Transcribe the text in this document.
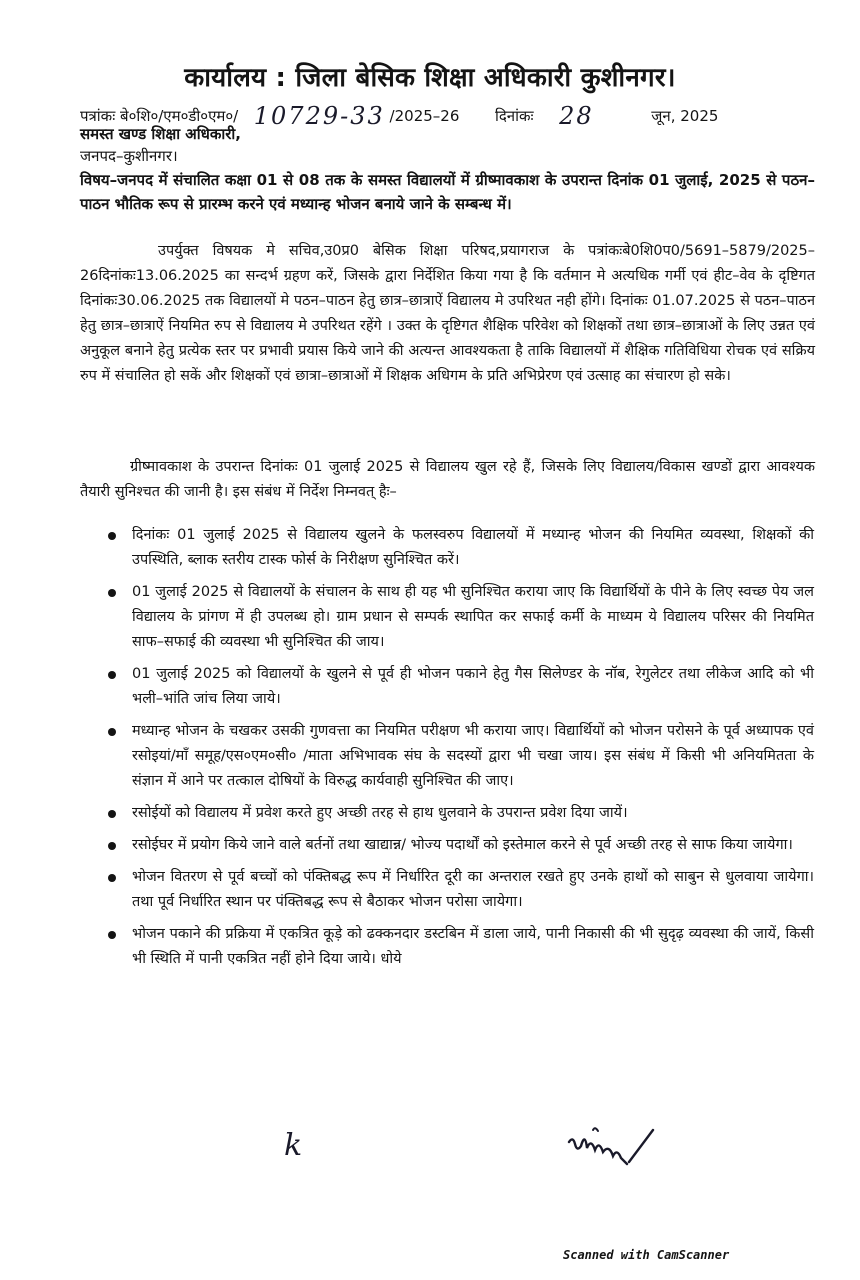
कार्यालय : जिला बेसिक शिक्षा अधिकारी कुशीनगर।
पत्रांकः बे०शि०/एम०डी०एम०/ 10729-33 /2025–26 दिनांकः 28	जून, 2025
समस्त खण्ड शिक्षा अधिकारी,
जनपद–कुशीनगर।
विषय–जनपद में संचालित कक्षा 01 से 08 तक के समस्त विद्यालयों में ग्रीष्मावकाश के उपरान्त दिनांक 01 जुलाई, 2025 से पठन–पाठन भौतिक रूप से प्रारम्भ करने एवं मध्यान्ह भोजन बनाये जाने के सम्बन्ध में।
उपर्युक्त विषयक मे सचिव,उ0प्र0 बेसिक शिक्षा परिषद,प्रयागराज के पत्रांकःबे0शि0प0/5691–5879/2025–26दिनांकः13.06.2025 का सन्दर्भ ग्रहण करें, जिसके द्वारा निर्देशित किया गया है कि वर्तमान मे अत्यधिक गर्मी एवं हीट–वेव के दृष्टिगत दिनांकः30.06.2025 तक विद्यालयों मे पठन–पाठन हेतु छात्र–छात्राऐं विद्यालय मे उपरिथत नही होंगे। दिनांकः 01.07.2025 से पठन–पाठन हेतु छात्र–छात्राऐं नियमित रुप से विद्यालय मे उपरिथत रहेंगे । उक्त के दृष्टिगत शैक्षिक परिवेश को शिक्षकों तथा छात्र–छात्राओं के लिए उन्नत एवं अनुकूल बनाने हेतु प्रत्येक स्तर पर प्रभावी प्रयास किये जाने की अत्यन्त आवश्यकता है ताकि विद्यालयों में शैक्षिक गतिविधिया रोचक एवं सक्रिय रुप में संचालित हो सकें और शिक्षकों एवं छात्रा–छात्राओं में शिक्षक अधिगम के प्रति अभिप्रेरण एवं उत्साह का संचारण हो सके।
ग्रीष्मावकाश के उपरान्त दिनांकः 01 जुलाई 2025 से विद्यालय खुल रहे हैं, जिसके लिए विद्यालय/विकास खण्डों द्वारा आवश्यक तैयारी सुनिश्चत की जानी है। इस संबंध में निर्देश निम्नवत् हैः–
दिनांकः 01 जुलाई 2025 से विद्यालय खुलने के फलस्वरुप विद्यालयों में मध्यान्ह भोजन की नियमित व्यवस्था, शिक्षकों की उपस्थिति, ब्लाक स्तरीय टास्क फोर्स के निरीक्षण सुनिश्चित करें।
01 जुलाई 2025 से विद्यालयों के संचालन के साथ ही यह भी सुनिश्चित कराया जाए कि विद्यार्थियों के पीने के लिए स्वच्छ पेय जल विद्यालय के प्रांगण में ही उपलब्ध हो। ग्राम प्रधान से सम्पर्क स्थापित कर सफाई कर्मी के माध्यम ये विद्यालय परिसर की नियमित साफ–सफाई की व्यवस्था भी सुनिश्चित की जाय।
01 जुलाई 2025 को विद्यालयों के खुलने से पूर्व ही भोजन पकाने हेतु गैस सिलेण्डर के नॉब, रेगुलेटर तथा लीकेज आदि को भी भली–भांति जांच लिया जाये।
मध्यान्ह भोजन के चखकर उसकी गुणवत्ता का नियमित परीक्षण भी कराया जाए। विद्यार्थियों को भोजन परोसने के पूर्व अध्यापक एवं रसोइयां/माँ समूह/एस०एम०सी० /माता अभिभावक संघ के सदस्यों द्वारा भी चखा जाय। इस संबंध में किसी भी अनियमितता के संज्ञान में आने पर तत्काल दोषियों के विरुद्ध कार्यवाही सुनिश्चित की जाए।
रसोईयों को विद्यालय में प्रवेश करते हुए अच्छी तरह से हाथ धुलवाने के उपरान्त प्रवेश दिया जायें।
रसोईघर में प्रयोग किये जाने वाले बर्तनों तथा खाद्यान्न/ भोज्य पदार्थों को इस्तेमाल करने से पूर्व अच्छी तरह से साफ किया जायेगा।
भोजन वितरण से पूर्व बच्चों को पंक्तिबद्ध रूप में निर्धारित दूरी का अन्तराल रखते हुए उनके हाथों को साबुन से धुलवाया जायेगा। तथा पूर्व निर्धारित स्थान पर पंक्तिबद्ध रूप से बैठाकर भोजन परोसा जायेगा।
भोजन पकाने की प्रक्रिया में एकत्रित कूड़े को ढक्कनदार डस्टबिन में डाला जाये, पानी निकासी की भी सुदृढ़ व्यवस्था की जायें, किसी भी स्थिति में पानी एकत्रित नहीं होने दिया जाये। धोये
k
Scanned with CamScanner
